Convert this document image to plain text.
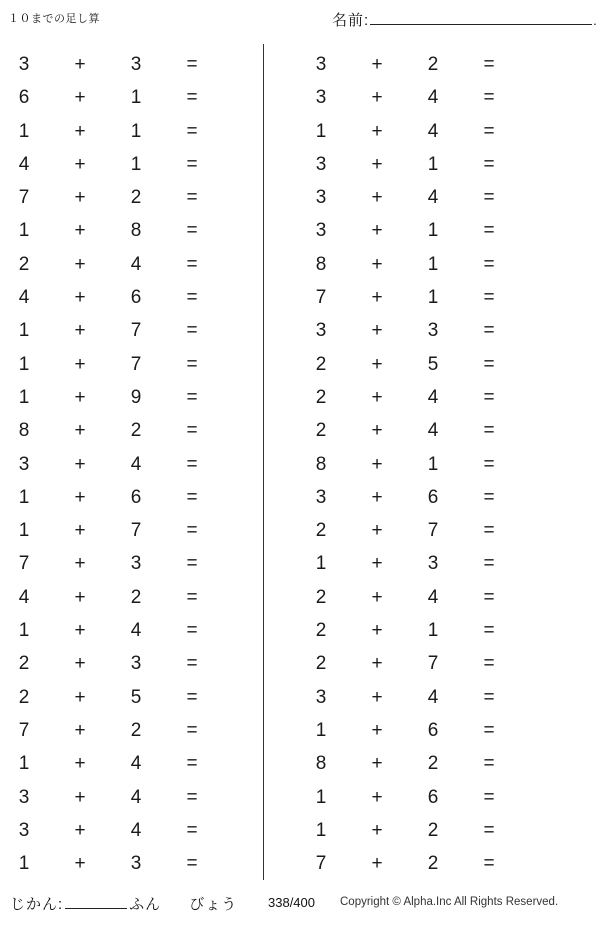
１０までの足し算	名前:	.
3 + 3 =
6 + 1 =
1 + 1 =
4 + 1 =
7 + 2 =
1 + 8 =
2 + 4 =
4 + 6 =
1 + 7 =
1 + 7 =
1 + 9 =
8 + 2 =
3 + 4 =
1 + 6 =
1 + 7 =
7 + 3 =
4 + 2 =
1 + 4 =
2 + 3 =
2 + 5 =
7 + 2 =
1 + 4 =
3 + 4 =
3 + 4 =
1 + 3 =
3 + 2 =
3 + 4 =
1 + 4 =
3 + 1 =
3 + 4 =
3 + 1 =
8 + 1 =
7 + 1 =
3 + 3 =
2 + 5 =
2 + 4 =
2 + 4 =
8 + 1 =
3 + 6 =
2 + 7 =
1 + 3 =
2 + 4 =
2 + 1 =
2 + 7 =
3 + 4 =
1 + 6 =
8 + 2 =
1 + 6 =
1 + 2 =
7 + 2 =
じかん:	ふん びょう 338/400 Copyright © Alpha.Inc All Rights Reserved.
